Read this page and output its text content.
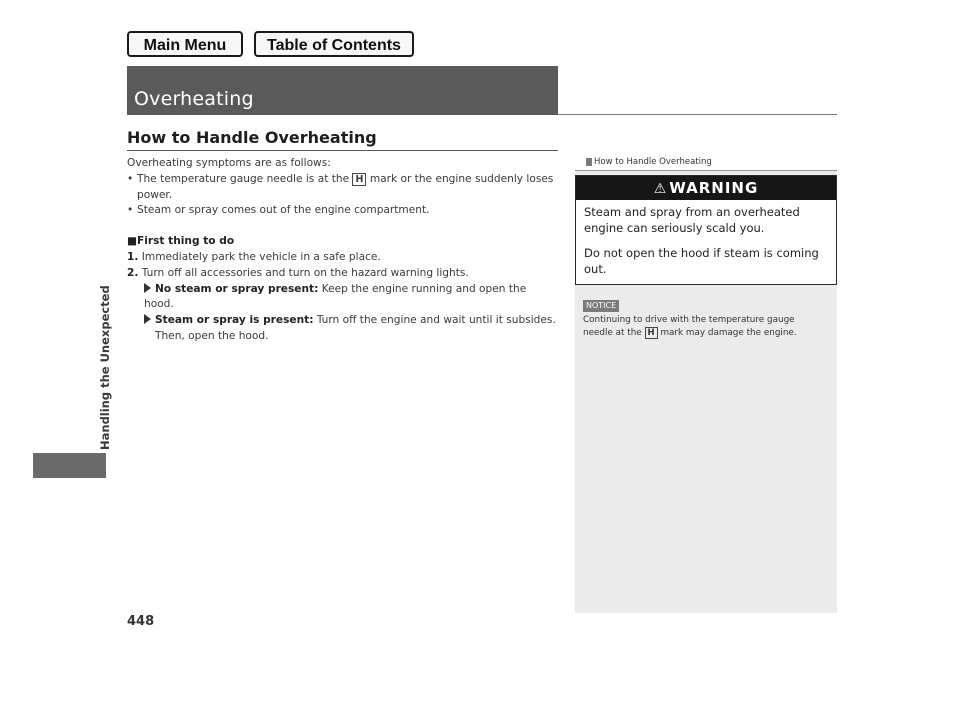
Main Menu	Table of Contents
Overheating
Handling the Unexpected
How to Handle Overheating

Overheating symptoms are as follows:

• The temperature gauge needle is at the H mark or the engine suddenly loses

power.

• Steam or spray comes out of the engine compartment.

■First thing to do

1. Immediately park the vehicle in a safe place.

2. Turn off all accessories and turn on the hazard warning lights.

No steam or spray present: Keep the engine running and open the hood.

Steam or spray is present: Turn off the engine and wait until it subsides.

Then, open the hood.

How to Handle Overheating
⚠ WARNING

Steam and spray from an overheated engine can seriously scald you.

Do not open the hood if steam is coming out.

NOTICE
Continuing to drive with the temperature gauge
needle at the H mark may damage the engine.
448
